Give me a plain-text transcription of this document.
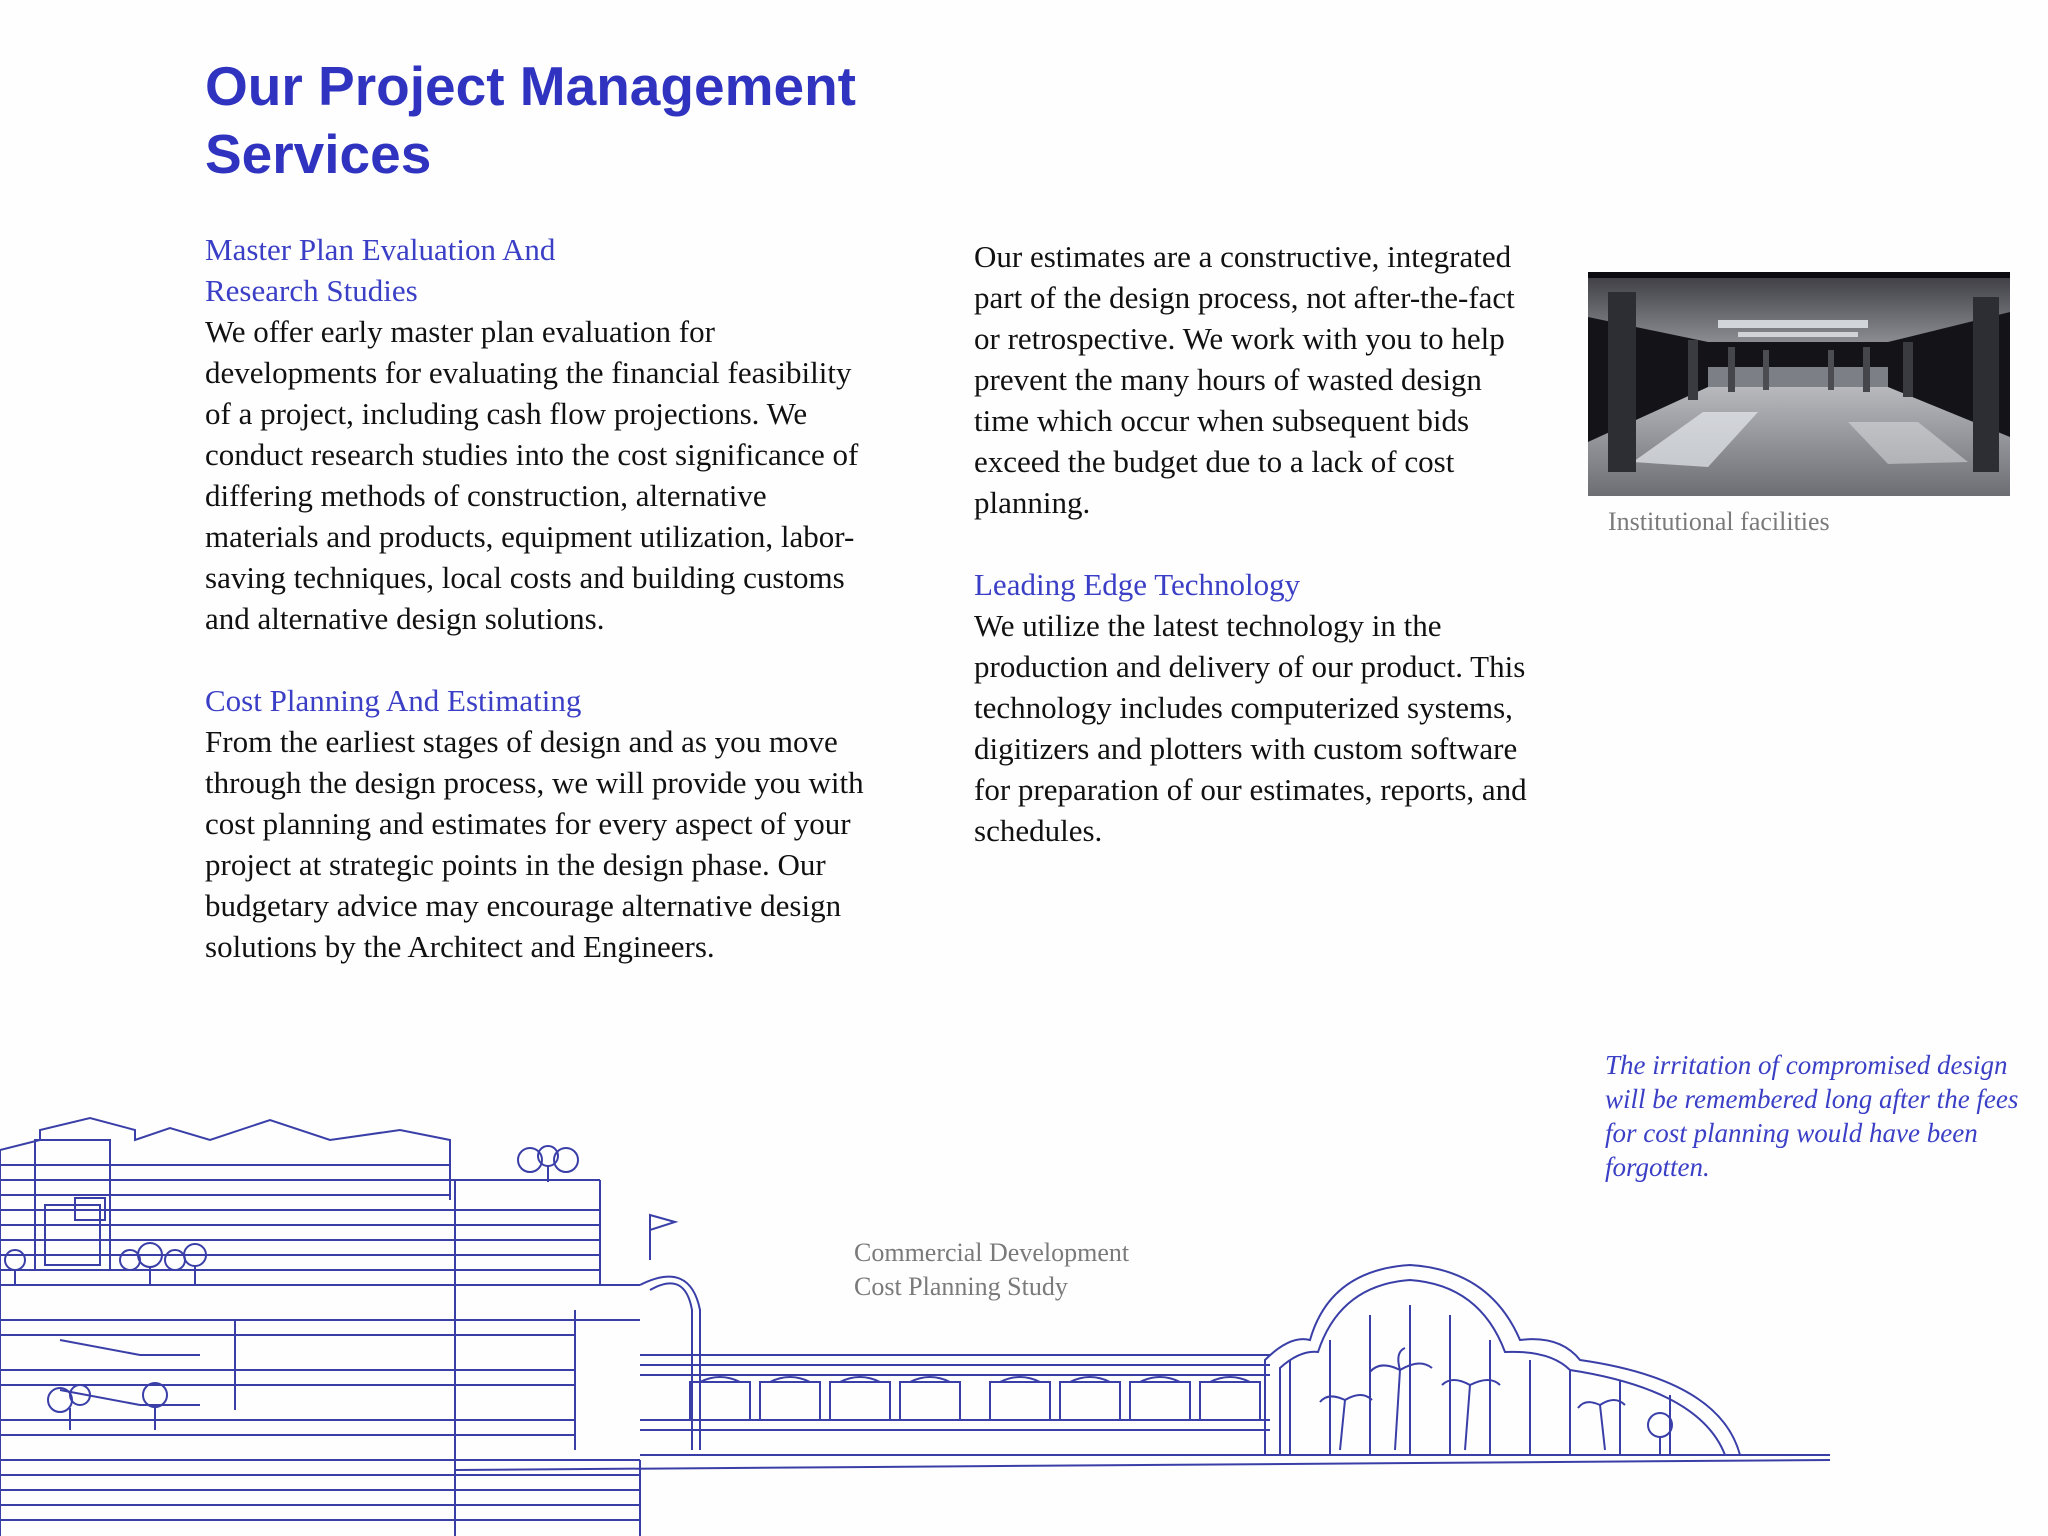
Our Project Management Services
Master Plan Evaluation And
Research Studies
We offer early master plan evaluation for developments for evaluating the financial feasibility of a project, including cash flow projections. We conduct research studies into the cost significance of differing methods of construction, alternative materials and products, equipment utilization, labor-saving techniques, local costs and building customs and alternative design solutions.
Cost Planning And Estimating
From the earliest stages of design and as you move through the design process, we will provide you with cost planning and estimates for every aspect of your project at strategic points in the design phase. Our budgetary advice may encourage alternative design solutions by the Architect and Engineers.
Our estimates are a constructive, integrated part of the design process, not after-the-fact or retrospective. We work with you to help prevent the many hours of wasted design time which occur when subsequent bids exceed the budget due to a lack of cost planning.
Leading Edge Technology
We utilize the latest technology in the production and delivery of our product. This technology includes computerized systems, digitizers and plotters with custom software for preparation of our estimates, reports, and schedules.
Institutional facilities
The irritation of compromised design will be remembered long after the fees for cost planning would have been forgotten.
Commercial Development
Cost Planning Study
